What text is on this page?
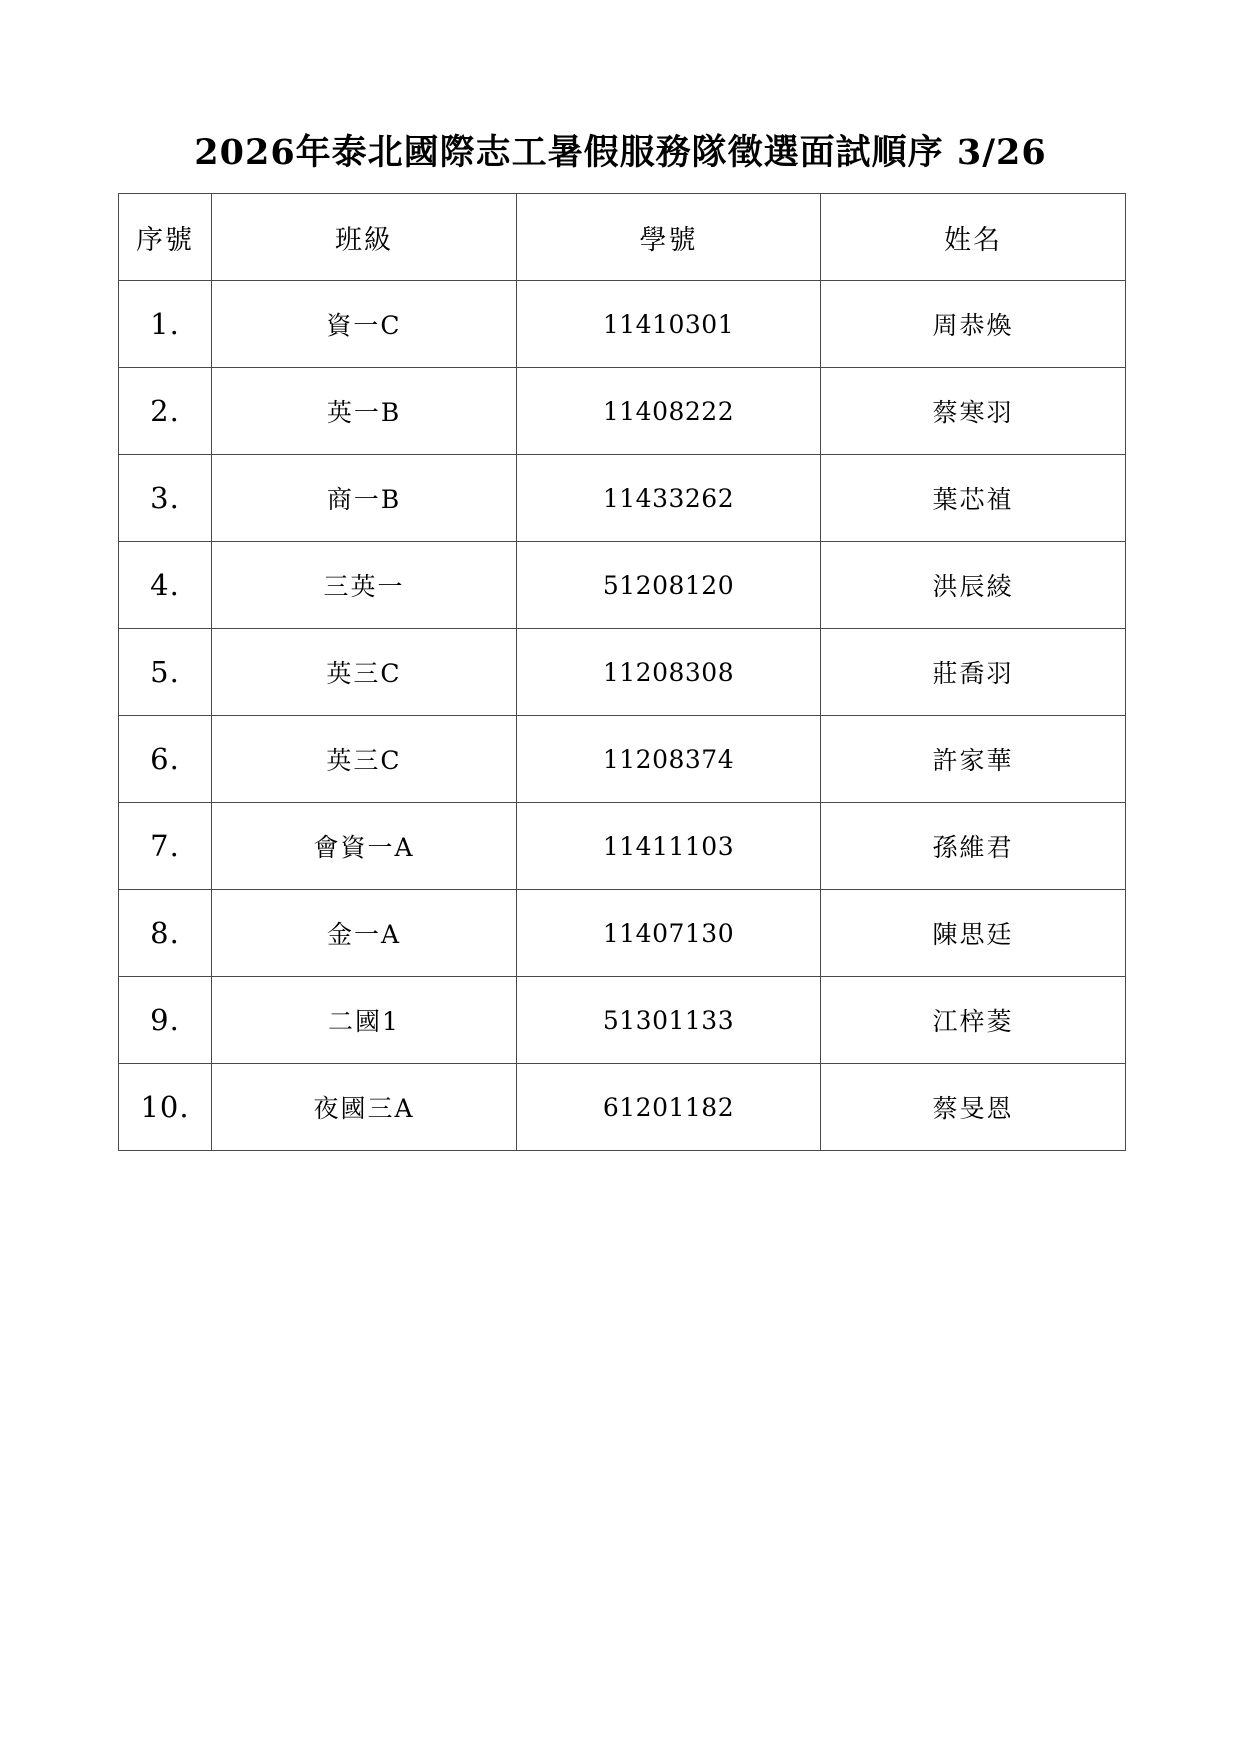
2026年泰北國際志工暑假服務隊徵選面試順序 3/26
序號	班級	學號	姓名
1.	資一C	11410301	周恭煥
2.	英一B	11408222	蔡寒羽
3.	商一B	11433262	葉芯禃
4.	三英一	51208120	洪辰綾
5.	英三C	11208308	莊喬羽
6.	英三C	11208374	許家華
7.	會資一A	11411103	孫維君
8.	金一A	11407130	陳思廷
9.	二國1	51301133	江梓菱
10.	夜國三A	61201182	蔡旻恩
